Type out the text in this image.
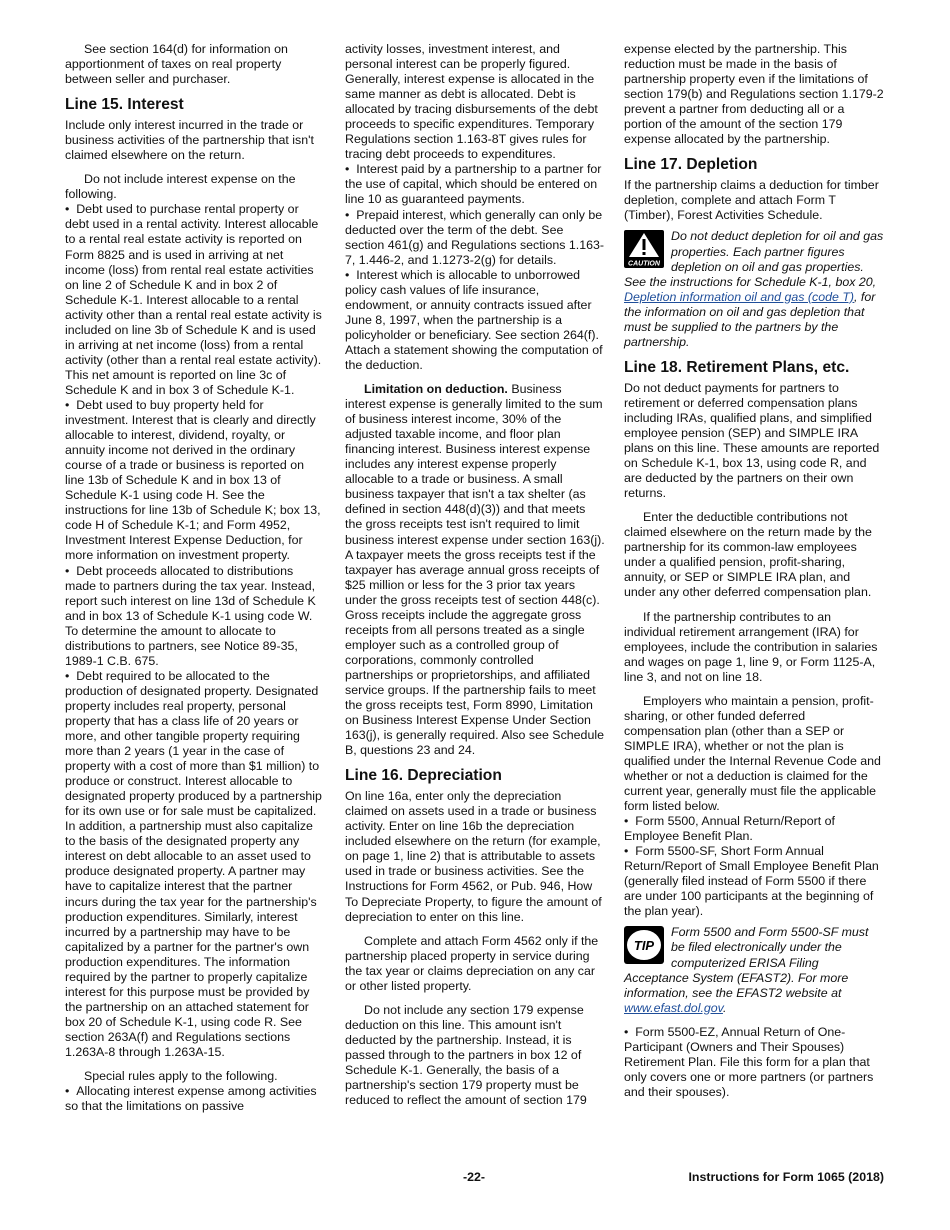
See section 164(d) for information on apportionment of taxes on real property between seller and purchaser.

Line 15. Interest

Include only interest incurred in the trade or business activities of the partnership that isn't claimed elsewhere on the return.

Do not include interest expense on the following.

•  Debt used to purchase rental property or debt used in a rental activity. Interest allocable to a rental real estate activity is reported on Form 8825 and is used in arriving at net income (loss) from rental real estate activities on line 2 of Schedule K and in box 2 of Schedule K-1. Interest allocable to a rental activity other than a rental real estate activity is included on line 3b of Schedule K and is used in arriving at net income (loss) from a rental activity (other than a rental real estate activity). This net amount is reported on line 3c of Schedule K and in box 3 of Schedule K-1.

•  Debt used to buy property held for investment. Interest that is clearly and directly allocable to interest, dividend, royalty, or annuity income not derived in the ordinary course of a trade or business is reported on line 13b of Schedule K and in box 13 of Schedule K-1 using code H. See the instructions for line 13b of Schedule K; box 13, code H of Schedule K-1; and Form 4952, Investment Interest Expense Deduction, for more information on investment property.

•  Debt proceeds allocated to distributions made to partners during the tax year. Instead, report such interest on line 13d of Schedule K and in box 13 of Schedule K-1 using code W. To determine the amount to allocate to distributions to partners, see Notice 89-35, 1989-1 C.B. 675.

•  Debt required to be allocated to the production of designated property. Designated property includes real property, personal property that has a class life of 20 years or more, and other tangible property requiring more than 2 years (1 year in the case of property with a cost of more than $1 million) to produce or construct. Interest allocable to designated property produced by a partnership for its own use or for sale must be capitalized. In addition, a partnership must also capitalize to the basis of the designated property any interest on debt allocable to an asset used to produce designated property. A partner may have to capitalize interest that the partner incurs during the tax year for the partnership's production expenditures. Similarly, interest incurred by a partnership may have to be capitalized by a partner for the partner's own production expenditures. The information required by the partner to properly capitalize interest for this purpose must be provided by the partnership on an attached statement for box 20 of Schedule K-1, using code R. See section 263A(f) and Regulations sections 1.263A-8 through 1.263A-15.

Special rules apply to the following.

•  Allocating interest expense among activities so that the limitations on passive

activity losses, investment interest, and personal interest can be properly figured. Generally, interest expense is allocated in the same manner as debt is allocated. Debt is allocated by tracing disbursements of the debt proceeds to specific expenditures. Temporary Regulations section 1.163-8T gives rules for tracing debt proceeds to expenditures.

•  Interest paid by a partnership to a partner for the use of capital, which should be entered on line 10 as guaranteed payments.

•  Prepaid interest, which generally can only be deducted over the term of the debt. See section 461(g) and Regulations sections 1.163-7, 1.446-2, and 1.1273-2(g) for details.

•  Interest which is allocable to unborrowed policy cash values of life insurance, endowment, or annuity contracts issued after June 8, 1997, when the partnership is a policyholder or beneficiary. See section 264(f). Attach a statement showing the computation of the deduction.

Limitation on deduction. Business interest expense is generally limited to the sum of business interest income, 30% of the adjusted taxable income, and floor plan financing interest. Business interest expense includes any interest expense properly allocable to a trade or business. A small business taxpayer that isn't a tax shelter (as defined in section 448(d)(3)) and that meets the gross receipts test isn't required to limit business interest expense under section 163(j). A taxpayer meets the gross receipts test if the taxpayer has average annual gross receipts of $25 million or less for the 3 prior tax years under the gross receipts test of section 448(c). Gross receipts include the aggregate gross receipts from all persons treated as a single employer such as a controlled group of corporations, commonly controlled partnerships or proprietorships, and affiliated service groups. If the partnership fails to meet the gross receipts test, Form 8990, Limitation on Business Interest Expense Under Section 163(j), is generally required. Also see Schedule B, questions 23 and 24.

Line 16. Depreciation

On line 16a, enter only the depreciation claimed on assets used in a trade or business activity. Enter on line 16b the depreciation included elsewhere on the return (for example, on page 1, line 2) that is attributable to assets used in trade or business activities. See the Instructions for Form 4562, or Pub. 946, How To Depreciate Property, to figure the amount of depreciation to enter on this line.

Complete and attach Form 4562 only if the partnership placed property in service during the tax year or claims depreciation on any car or other listed property.

Do not include any section 179 expense deduction on this line. This amount isn't deducted by the partnership. Instead, it is passed through to the partners in box 12 of Schedule K-1. Generally, the basis of a partnership's section 179 property must be reduced to reflect the amount of section 179

expense elected by the partnership. This reduction must be made in the basis of partnership property even if the limitations of section 179(b) and Regulations section 1.179-2 prevent a partner from deducting all or a portion of the amount of the section 179 expense allocated by the partnership.

Line 17. Depletion

If the partnership claims a deduction for timber depletion, complete and attach Form T (Timber), Forest Activities Schedule.

CAUTION
Do not deduct depletion for oil and gas properties. Each partner figures depletion on oil and gas properties. See the instructions for Schedule K-1, box 20, Depletion information oil and gas (code T), for the information on oil and gas depletion that must be supplied to the partners by the partnership.
Line 18. Retirement Plans, etc.

Do not deduct payments for partners to retirement or deferred compensation plans including IRAs, qualified plans, and simplified employee pension (SEP) and SIMPLE IRA plans on this line. These amounts are reported on Schedule K-1, box 13, using code R, and are deducted by the partners on their own returns.

Enter the deductible contributions not claimed elsewhere on the return made by the partnership for its common-law employees under a qualified pension, profit-sharing, annuity, or SEP or SIMPLE IRA plan, and under any other deferred compensation plan.

If the partnership contributes to an individual retirement arrangement (IRA) for employees, include the contribution in salaries and wages on page 1, line 9, or Form 1125-A, line 3, and not on line 18.

Employers who maintain a pension, profit-sharing, or other funded deferred compensation plan (other than a SEP or SIMPLE IRA), whether or not the plan is qualified under the Internal Revenue Code and whether or not a deduction is claimed for the current year, generally must file the applicable form listed below.

•  Form 5500, Annual Return/Report of Employee Benefit Plan.

•  Form 5500-SF, Short Form Annual Return/Report of Small Employee Benefit Plan (generally filed instead of Form 5500 if there are under 100 participants at the beginning of the plan year).

TIP
Form 5500 and Form 5500-SF must be filed electronically under the computerized ERISA Filing Acceptance System (EFAST2). For more information, see the EFAST2 website at www.efast.dol.gov.

•  Form 5500-EZ, Annual Return of One-Participant (Owners and Their Spouses) Retirement Plan. File this form for a plan that only covers one or more partners (or partners and their spouses).

-22-	Instructions for Form 1065 (2018)
